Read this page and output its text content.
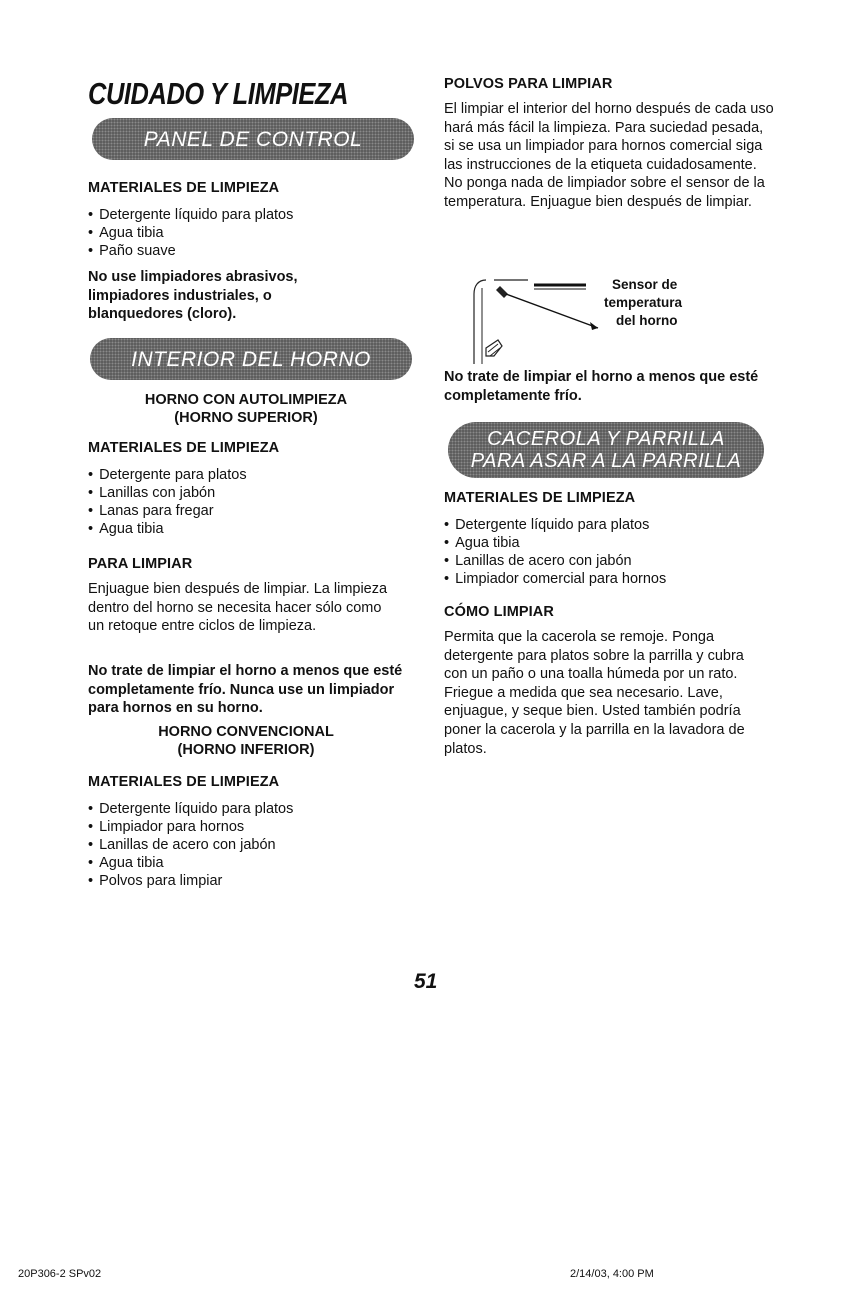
CUIDADO Y LIMPIEZA
PANEL DE CONTROL
MATERIALES DE LIMPIEZA
• Detergente líquido para platos
• Agua tibia
• Paño suave

No use limpiadores abrasivos, limpiadores industriales, o blanquedores (cloro).

INTERIOR DEL HORNO
HORNO CON AUTOLIMPIEZA
(HORNO SUPERIOR)
MATERIALES DE LIMPIEZA
• Detergente para platos
• Lanillas con jabón
• Lanas para fregar
• Agua tibia
PARA LIMPIAR

Enjuague bien después de limpiar. La limpieza dentro del horno se necesita hacer sólo como un retoque entre ciclos de limpieza.

No trate de limpiar el horno a menos que esté completamente frío. Nunca use un limpiador para hornos en su horno.

HORNO CONVENCIONAL
(HORNO INFERIOR)
MATERIALES DE LIMPIEZA
• Detergente líquido para platos
• Limpiador para hornos
• Lanillas de acero con jabón
• Agua tibia
• Polvos para limpiar
POLVOS PARA LIMPIAR

El limpiar el interior del horno después de cada uso hará más fácil la limpieza. Para suciedad pesada, si se usa un limpiador para hornos comercial siga las instrucciones de la etiqueta cuidadosamente. No ponga nada de limpiador sobre el sensor de la temperatura. Enjuague bien después de limpiar.

Sensor de
temperatura
del horno

No trate de limpiar el horno a menos que esté completamente frío.

CACEROLA Y PARRILLA
PARA ASAR A LA PARRILLA
MATERIALES DE LIMPIEZA
• Detergente líquido para platos
• Agua tibia
• Lanillas de acero con jabón
• Limpiador comercial para hornos
CÓMO LIMPIAR

Permita que la cacerola se remoje. Ponga detergente para platos sobre la parrilla y cubra con un paño o una toalla húmeda por un rato. Friegue a medida que sea necesario. Lave, enjuague, y seque bien. Usted también podría poner la cacerola y la parrilla en la lavadora de platos.

51
20P306-2 SPv02	2/14/03, 4:00 PM
